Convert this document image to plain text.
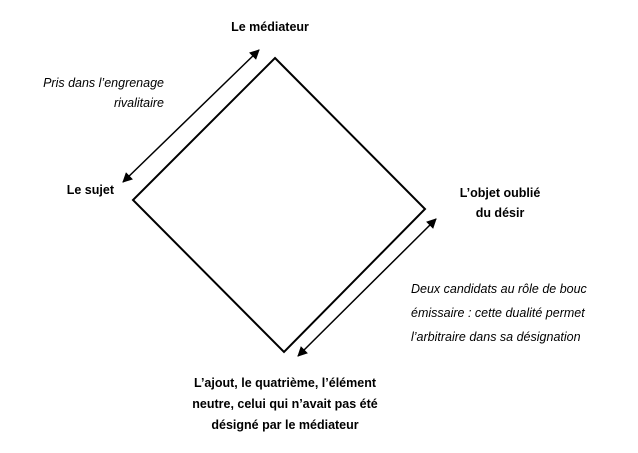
Le médiateur
Le sujet	L’objet oublié
du désir
L’ajout, le quatrième, l’élément
neutre, celui qui n’avait pas été
désigné par le médiateur
Pris dans l’engrenage
rivalitaire
Deux candidats au rôle de bouc
émissaire : cette dualité permet
l’arbitraire dans sa désignation
